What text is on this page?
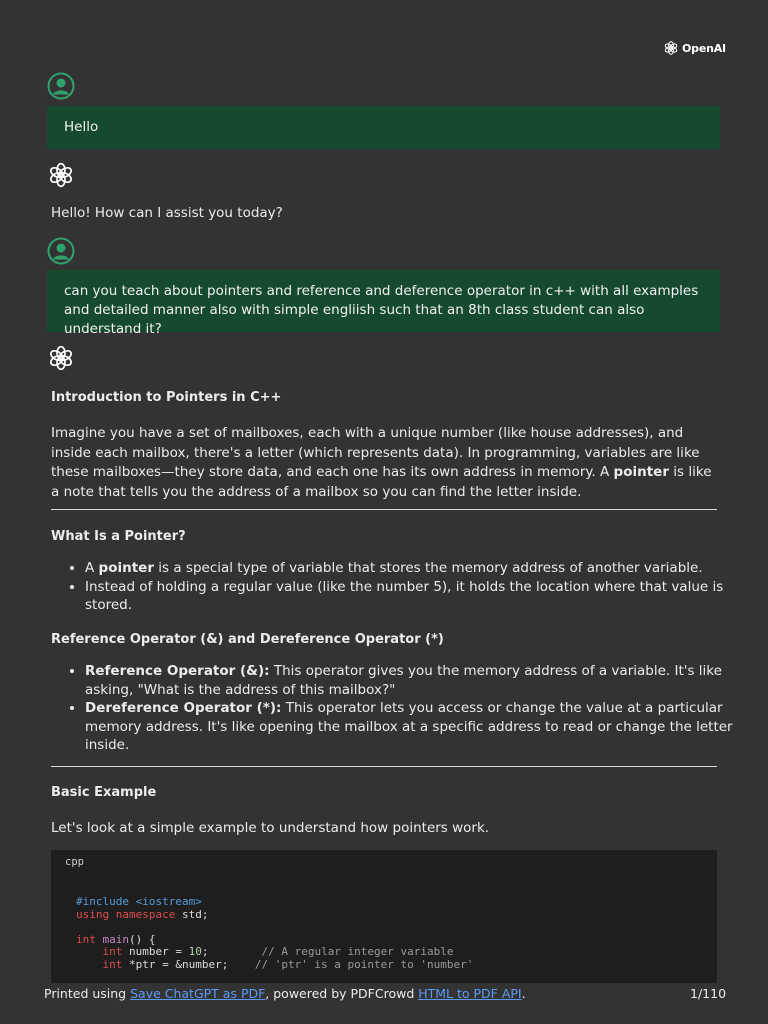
OpenAI
Hello
Hello! How can I assist you today?
can you teach about pointers and reference and deference operator in c++ with all examples and detailed manner also with simple engliish such that an 8th class student can also understand it?
Introduction to Pointers in C++
Imagine you have a set of mailboxes, each with a unique number (like house addresses), and inside each mailbox, there's a letter (which represents data). In programming, variables are like these mailboxes—they store data, and each one has its own address in memory. A pointer is like a note that tells you the address of a mailbox so you can find the letter inside.
What Is a Pointer?
• A pointer is a special type of variable that stores the memory address of another variable.
• Instead of holding a regular value (like the number 5), it holds the location where that value is stored.
Reference Operator (&) and Dereference Operator (*)
• Reference Operator (&): This operator gives you the memory address of a variable. It's like asking, "What is the address of this mailbox?"
• Dereference Operator (*): This operator lets you access or change the value at a particular memory address. It's like opening the mailbox at a specific address to read or change the letter inside.
Basic Example
Let's look at a simple example to understand how pointers work.
cpp
#include <iostream>
using namespace std;

int main() {
int number = 10;        // A regular integer variable
int *ptr = &number;    // 'ptr' is a pointer to 'number'
Printed using Save ChatGPT as PDF, powered by PDFCrowd HTML to PDF API.	1/110
